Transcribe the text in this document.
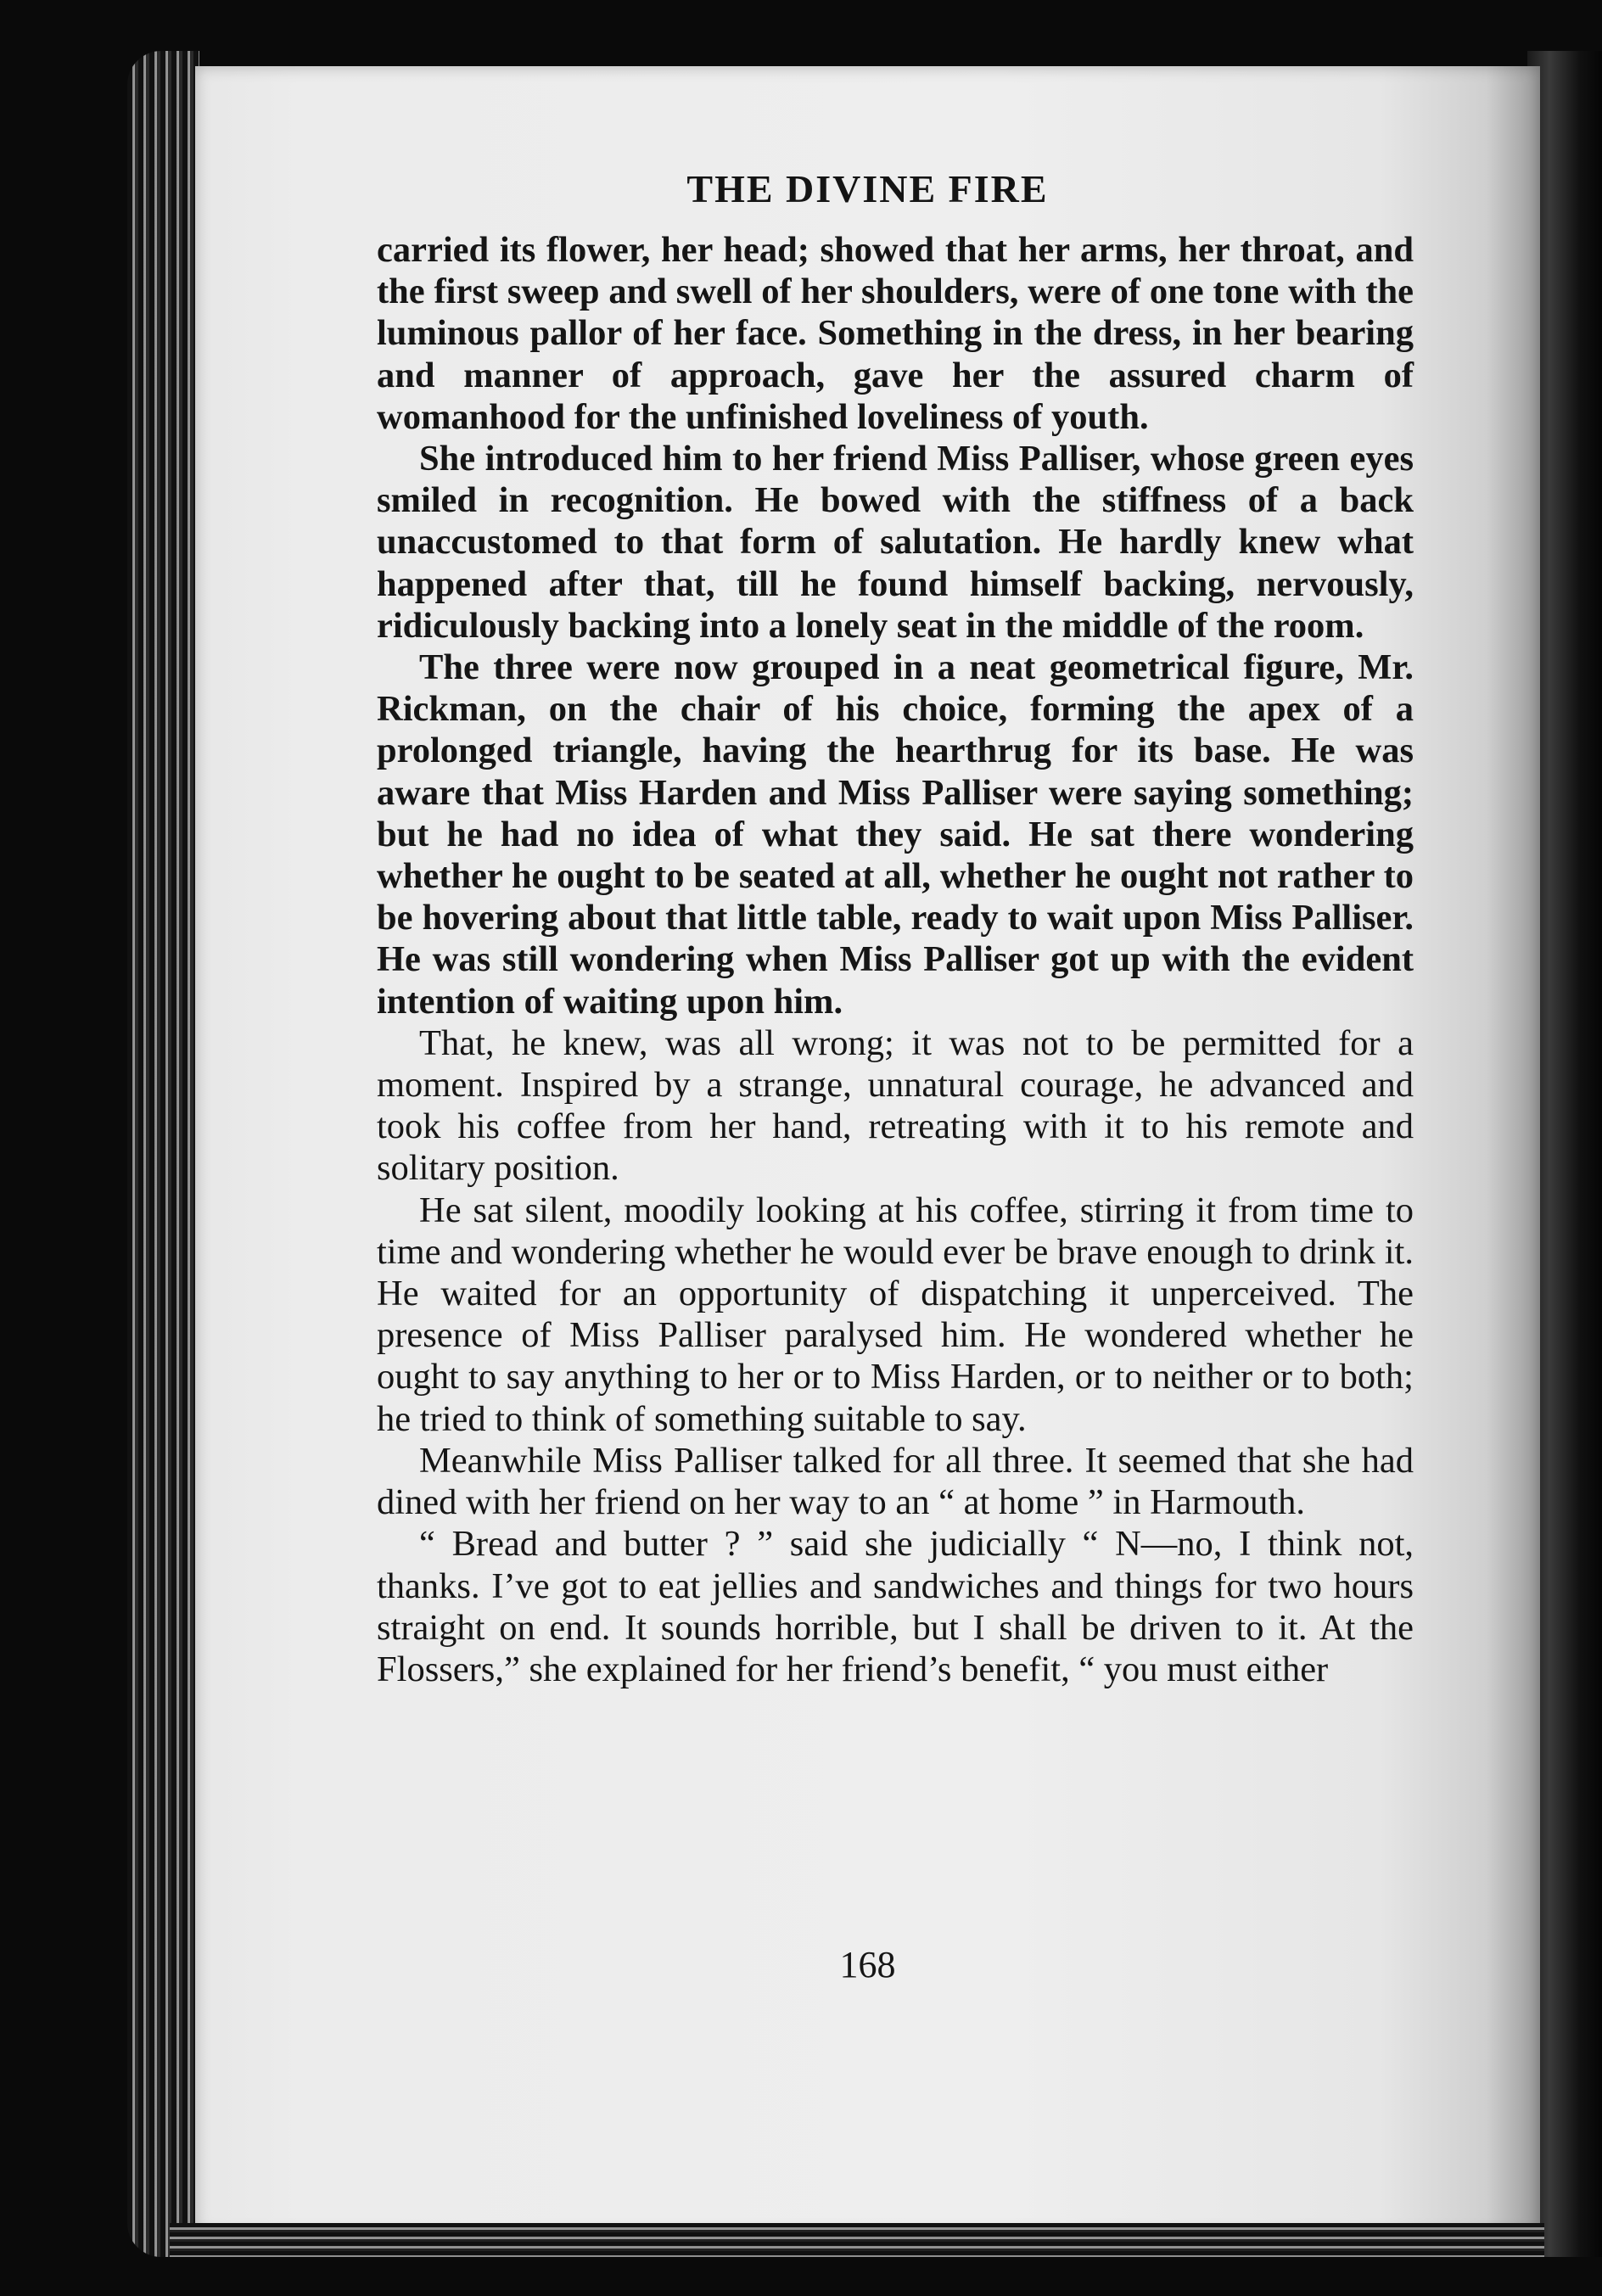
THE DIVINE FIRE

carried its flower, her head; showed that her arms, her throat, and the first sweep and swell of her shoulders, were of one tone with the luminous pallor of her face. Something in the dress, in her bearing and manner of approach, gave her the assured charm of womanhood for the unfinished loveliness of youth.

She introduced him to her friend Miss Palliser, whose green eyes smiled in recognition. He bowed with the stiffness of a back unaccustomed to that form of salutation. He hardly knew what happened after that, till he found himself backing, nervously, ridiculously backing into a lonely seat in the middle of the room.

The three were now grouped in a neat geometrical figure, Mr. Rickman, on the chair of his choice, forming the apex of a prolonged triangle, having the hearthrug for its base. He was aware that Miss Harden and Miss Palliser were saying something; but he had no idea of what they said. He sat there wondering whether he ought to be seated at all, whether he ought not rather to be hovering about that little table, ready to wait upon Miss Palliser. He was still wondering when Miss Palliser got up with the evident intention of waiting upon him.

That, he knew, was all wrong; it was not to be permitted for a moment. Inspired by a strange, unnatural courage, he advanced and took his coffee from her hand, retreating with it to his remote and solitary position.

He sat silent, moodily looking at his coffee, stirring it from time to time and wondering whether he would ever be brave enough to drink it. He waited for an opportunity of dispatching it unperceived. The presence of Miss Palliser paralysed him. He wondered whether he ought to say anything to her or to Miss Harden, or to neither or to both; he tried to think of something suitable to say.

Meanwhile Miss Palliser talked for all three. It seemed that she had dined with her friend on her way to an “ at home ” in Harmouth.

“ Bread and butter ? ” said she judicially “ N—no, I think not, thanks. I’ve got to eat jellies and sandwiches and things for two hours straight on end. It sounds horrible, but I shall be driven to it. At the Flossers,” she explained for her friend’s benefit, “ you must either

168
